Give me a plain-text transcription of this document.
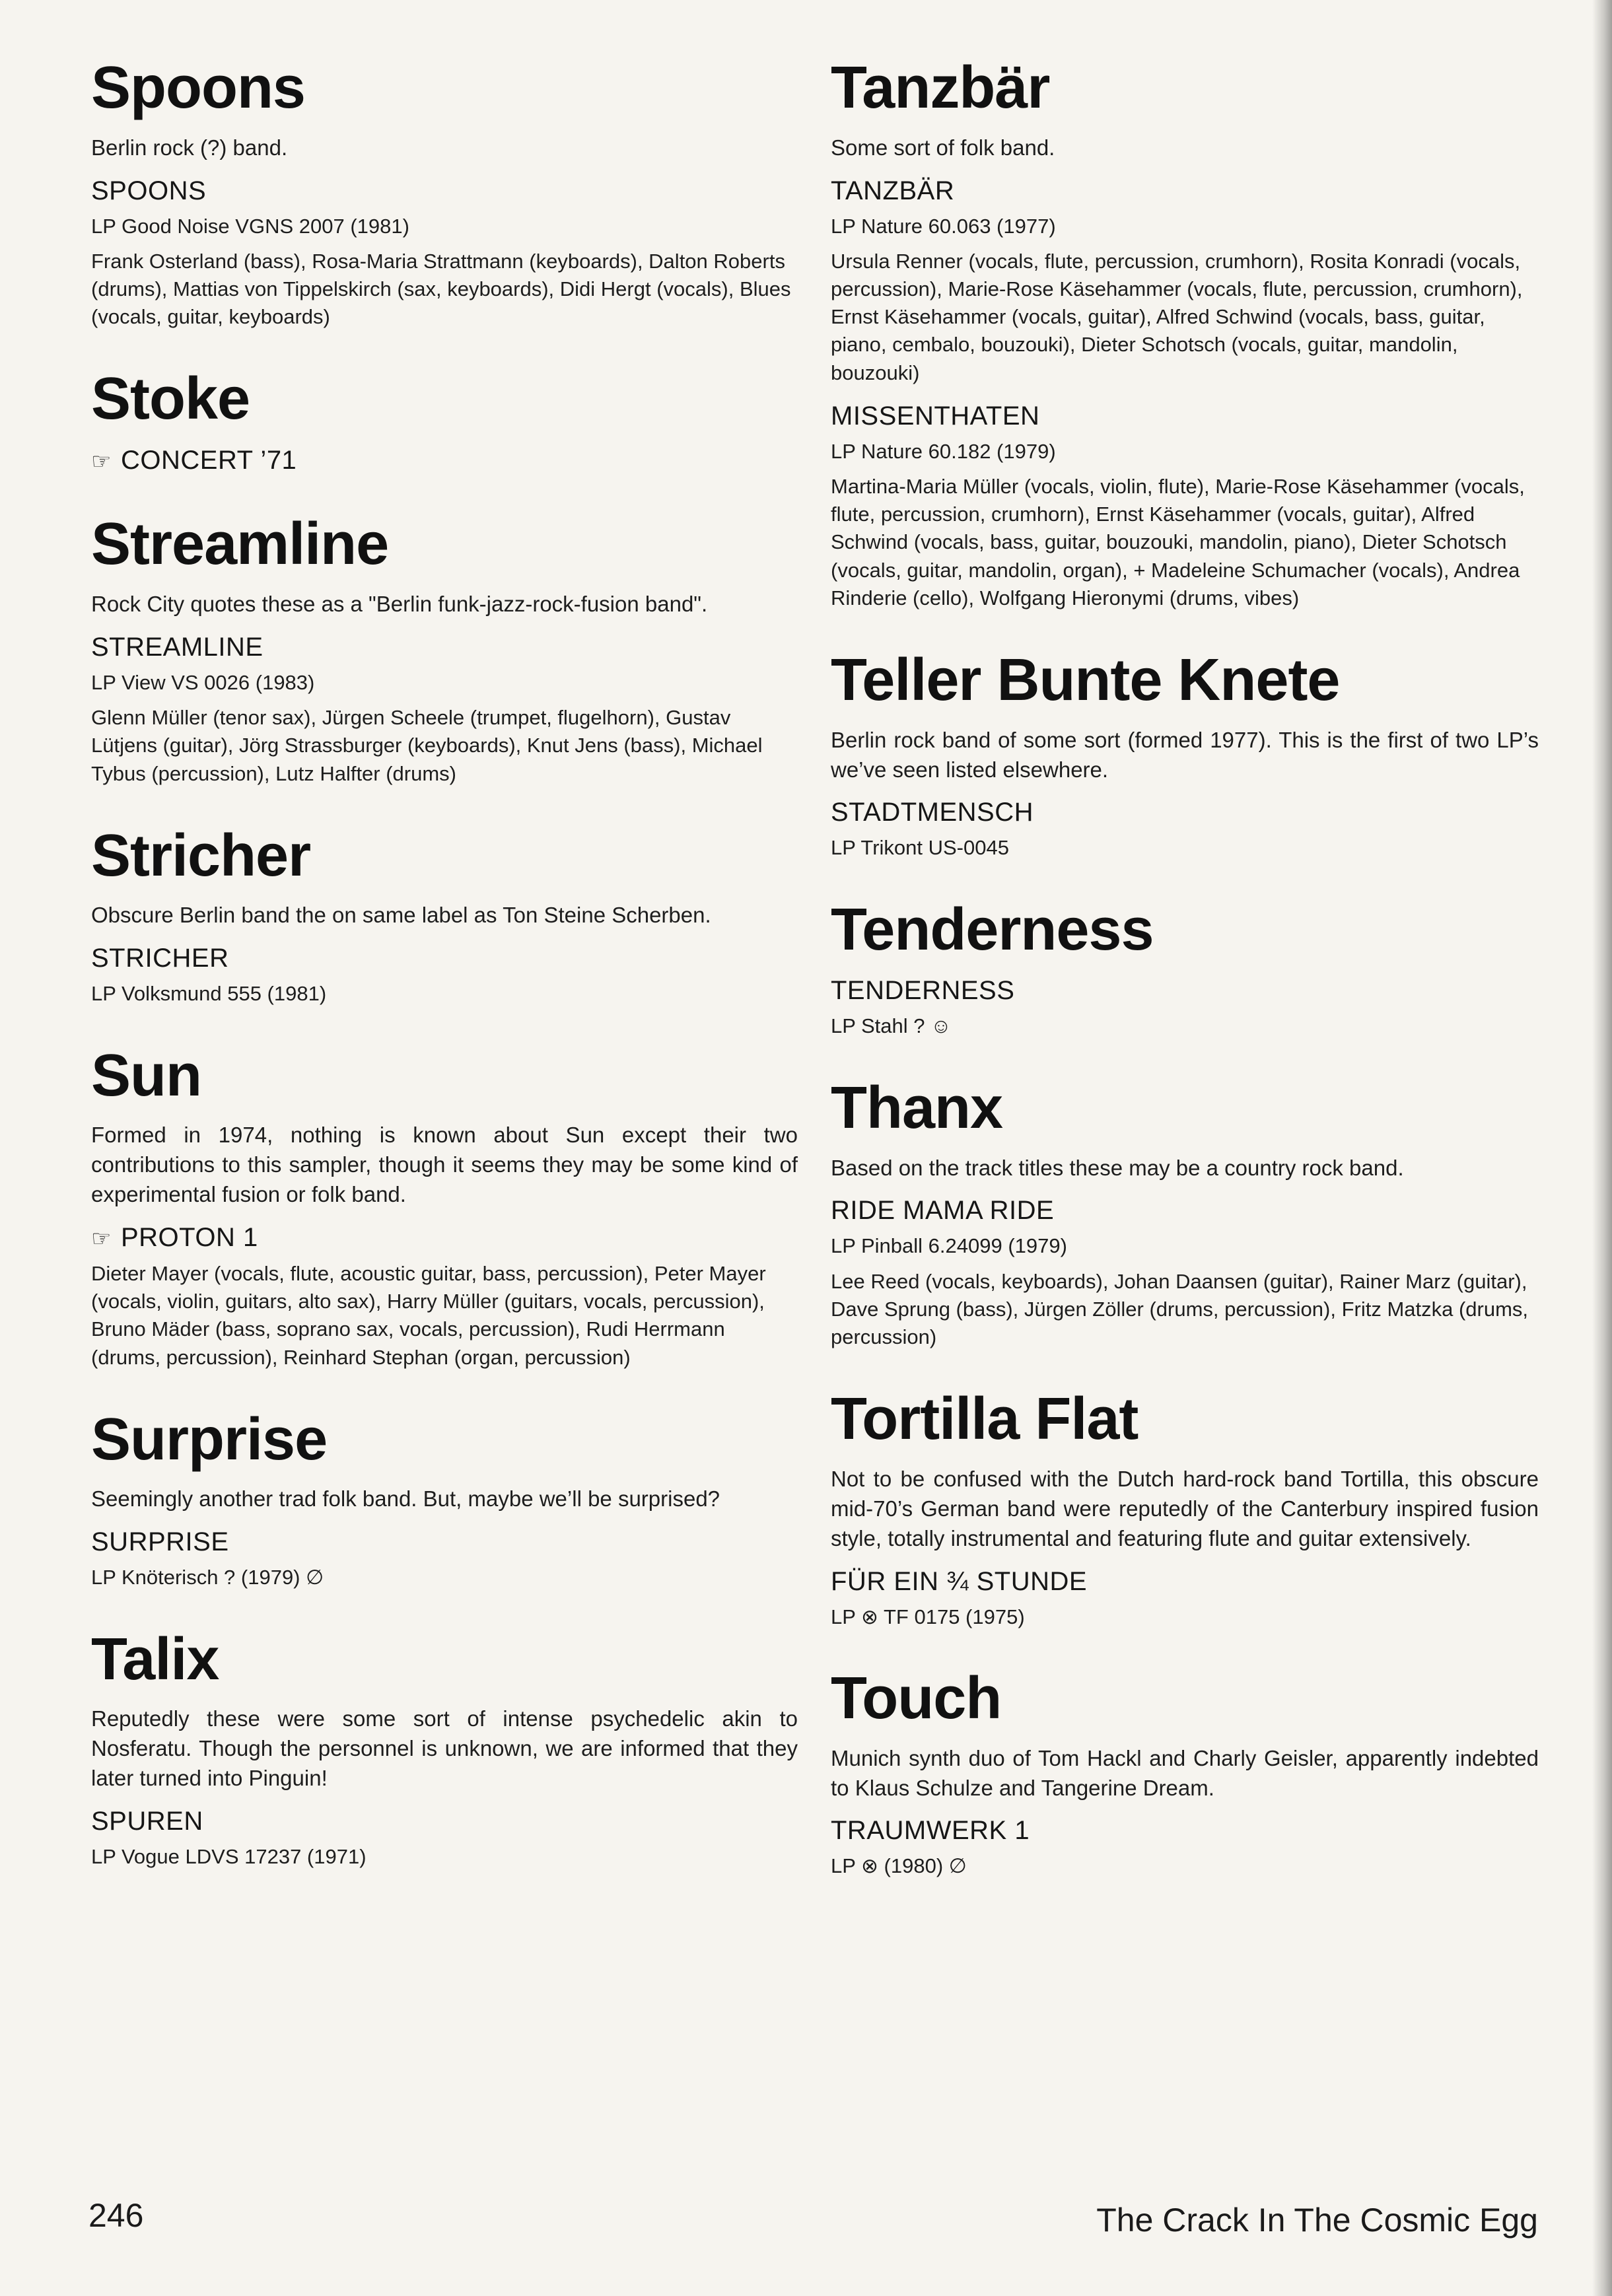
Spoons
Berlin rock (?) band.
SPOONS
LP Good Noise VGNS 2007 (1981)
Frank Osterland (bass), Rosa-Maria Strattmann (keyboards), Dalton Roberts (drums), Mattias von Tippelskirch (sax, keyboards), Didi Hergt (vocals), Blues (vocals, guitar, keyboards)
Stoke
☞ CONCERT ’71
Streamline
Rock City quotes these as a "Berlin funk-jazz-rock-fusion band".
STREAMLINE
LP View VS 0026 (1983)
Glenn Müller (tenor sax), Jürgen Scheele (trumpet, flugelhorn), Gustav Lütjens (guitar), Jörg Strassburger (keyboards), Knut Jens (bass), Michael Tybus (percussion), Lutz Halfter (drums)
Stricher
Obscure Berlin band the on same label as Ton Steine Scherben.
STRICHER
LP Volksmund 555 (1981)
Sun
Formed in 1974, nothing is known about Sun except their two contributions to this sampler, though it seems they may be some kind of experimental fusion or folk band.
☞ PROTON 1
Dieter Mayer (vocals, flute, acoustic guitar, bass, percussion), Peter Mayer (vocals, violin, guitars, alto sax), Harry Müller (guitars, vocals, percussion), Bruno Mäder (bass, soprano sax, vocals, percussion), Rudi Herrmann (drums, percussion), Reinhard Stephan (organ, percussion)
Surprise
Seemingly another trad folk band. But, maybe we’ll be surprised?
SURPRISE
LP Knöterisch ? (1979) ∅
Talix
Reputedly these were some sort of intense psychedelic akin to Nosferatu. Though the personnel is unknown, we are informed that they later turned into Pinguin!
SPUREN
LP Vogue LDVS 17237 (1971)
Tanzbär
Some sort of folk band.
TANZBÄR
LP Nature 60.063 (1977)
Ursula Renner (vocals, flute, percussion, crumhorn), Rosita Konradi (vocals, percussion), Marie-Rose Käsehammer (vocals, flute, percussion, crumhorn), Ernst Käsehammer (vocals, guitar), Alfred Schwind (vocals, bass, guitar, piano, cembalo, bouzouki), Dieter Schotsch (vocals, guitar, mandolin, bouzouki)
MISSENTHATEN
LP Nature 60.182 (1979)
Martina-Maria Müller (vocals, violin, flute), Marie-Rose Käsehammer (vocals, flute, percussion, crumhorn), Ernst Käsehammer (vocals, guitar), Alfred Schwind (vocals, bass, guitar, bouzouki, mandolin, piano), Dieter Schotsch (vocals, guitar, mandolin, organ), + Madeleine Schumacher (vocals), Andrea Rinderie (cello), Wolfgang Hieronymi (drums, vibes)
Teller Bunte Knete
Berlin rock band of some sort (formed 1977). This is the first of two LP’s we’ve seen listed elsewhere.
STADTMENSCH
LP Trikont US-0045
Tenderness
TENDERNESS
LP Stahl ? ☺
Thanx
Based on the track titles these may be a country rock band.
RIDE MAMA RIDE
LP Pinball 6.24099 (1979)
Lee Reed (vocals, keyboards), Johan Daansen (guitar), Rainer Marz (guitar), Dave Sprung (bass), Jürgen Zöller (drums, percussion), Fritz Matzka (drums, percussion)
Tortilla Flat
Not to be confused with the Dutch hard-rock band Tortilla, this obscure mid-70’s German band were reputedly of the Canterbury inspired fusion style, totally instrumental and featuring flute and guitar extensively.
FÜR EIN ¾ STUNDE
LP ⊗ TF 0175 (1975)
Touch
Munich synth duo of Tom Hackl and Charly Geisler, apparently indebted to Klaus Schulze and Tangerine Dream.
TRAUMWERK 1
LP ⊗ (1980) ∅
246	The Crack In The Cosmic Egg
